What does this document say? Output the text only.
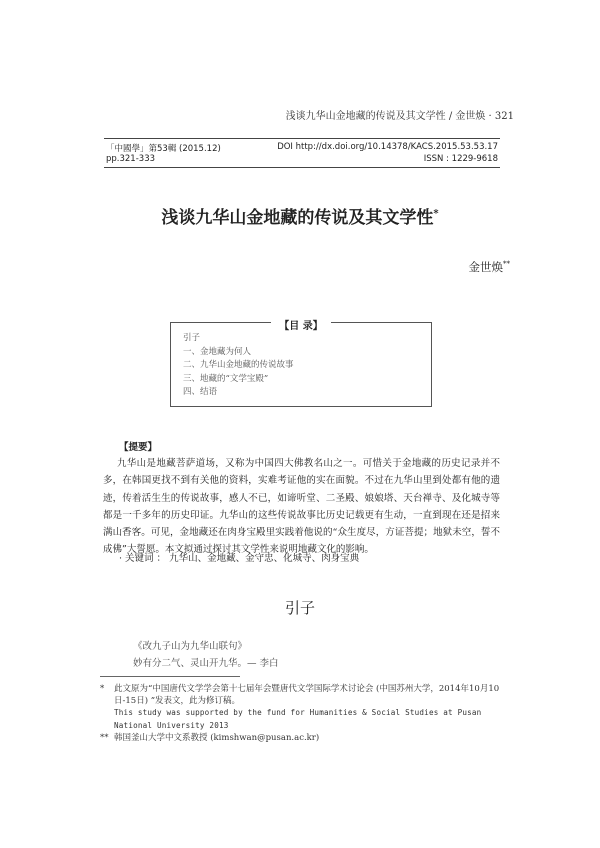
浅谈九华山金地藏的传说及其文学性 / 金世焕 · 321
「中國學」第53輯 (2015.12)
pp.321-333
DOI http://dx.doi.org/10.14378/KACS.2015.53.53.17
ISSN : 1229-9618
浅谈九华山金地藏的传说及其文学性*
金世焕**
【目 录】
引子
一、金地藏为何人
二、九华山金地藏的传说故事
三、地藏的“文学宝殿”
四、结语
【提要】
九华山是地藏菩萨道场，又称为中国四大佛教名山之一。可惜关于金地藏的历史记录并不多，在韩国更找不到有关他的资料，实难考证他的实在面貌。不过在九华山里到处都有他的遗迹，传着活生生的传说故事，感人不已，如谛听堂、二圣殿、娘娘塔、天台禅寺、及化城寺等都是一千多年的历史印证。九华山的这些传说故事比历史记载更有生动，一直到现在还是招来满山香客。可见，金地藏还在肉身宝殿里实践着他说的“众生度尽，方证菩提；地狱未空，誓不成佛”大誓愿。本文拟通过探讨其文学性来说明地藏文化的影响。
· 关键词 ： 九华山、金地藏、金守忠、化城寺、肉身宝典
引子
《改九子山为九华山联句》
妙有分二气、灵山开九华。— 李白
*	此文原为“中国唐代文学学会第十七届年会暨唐代文学国际学术讨论会 (中国苏州大学，2014年10月10日-15日) ”发表文，此为修订稿。
This study was supported by the fund for Humanities & Social Studies at Pusan National University 2013
** 韩国釜山大学中文系教授 (kimshwan@pusan.ac.kr)
